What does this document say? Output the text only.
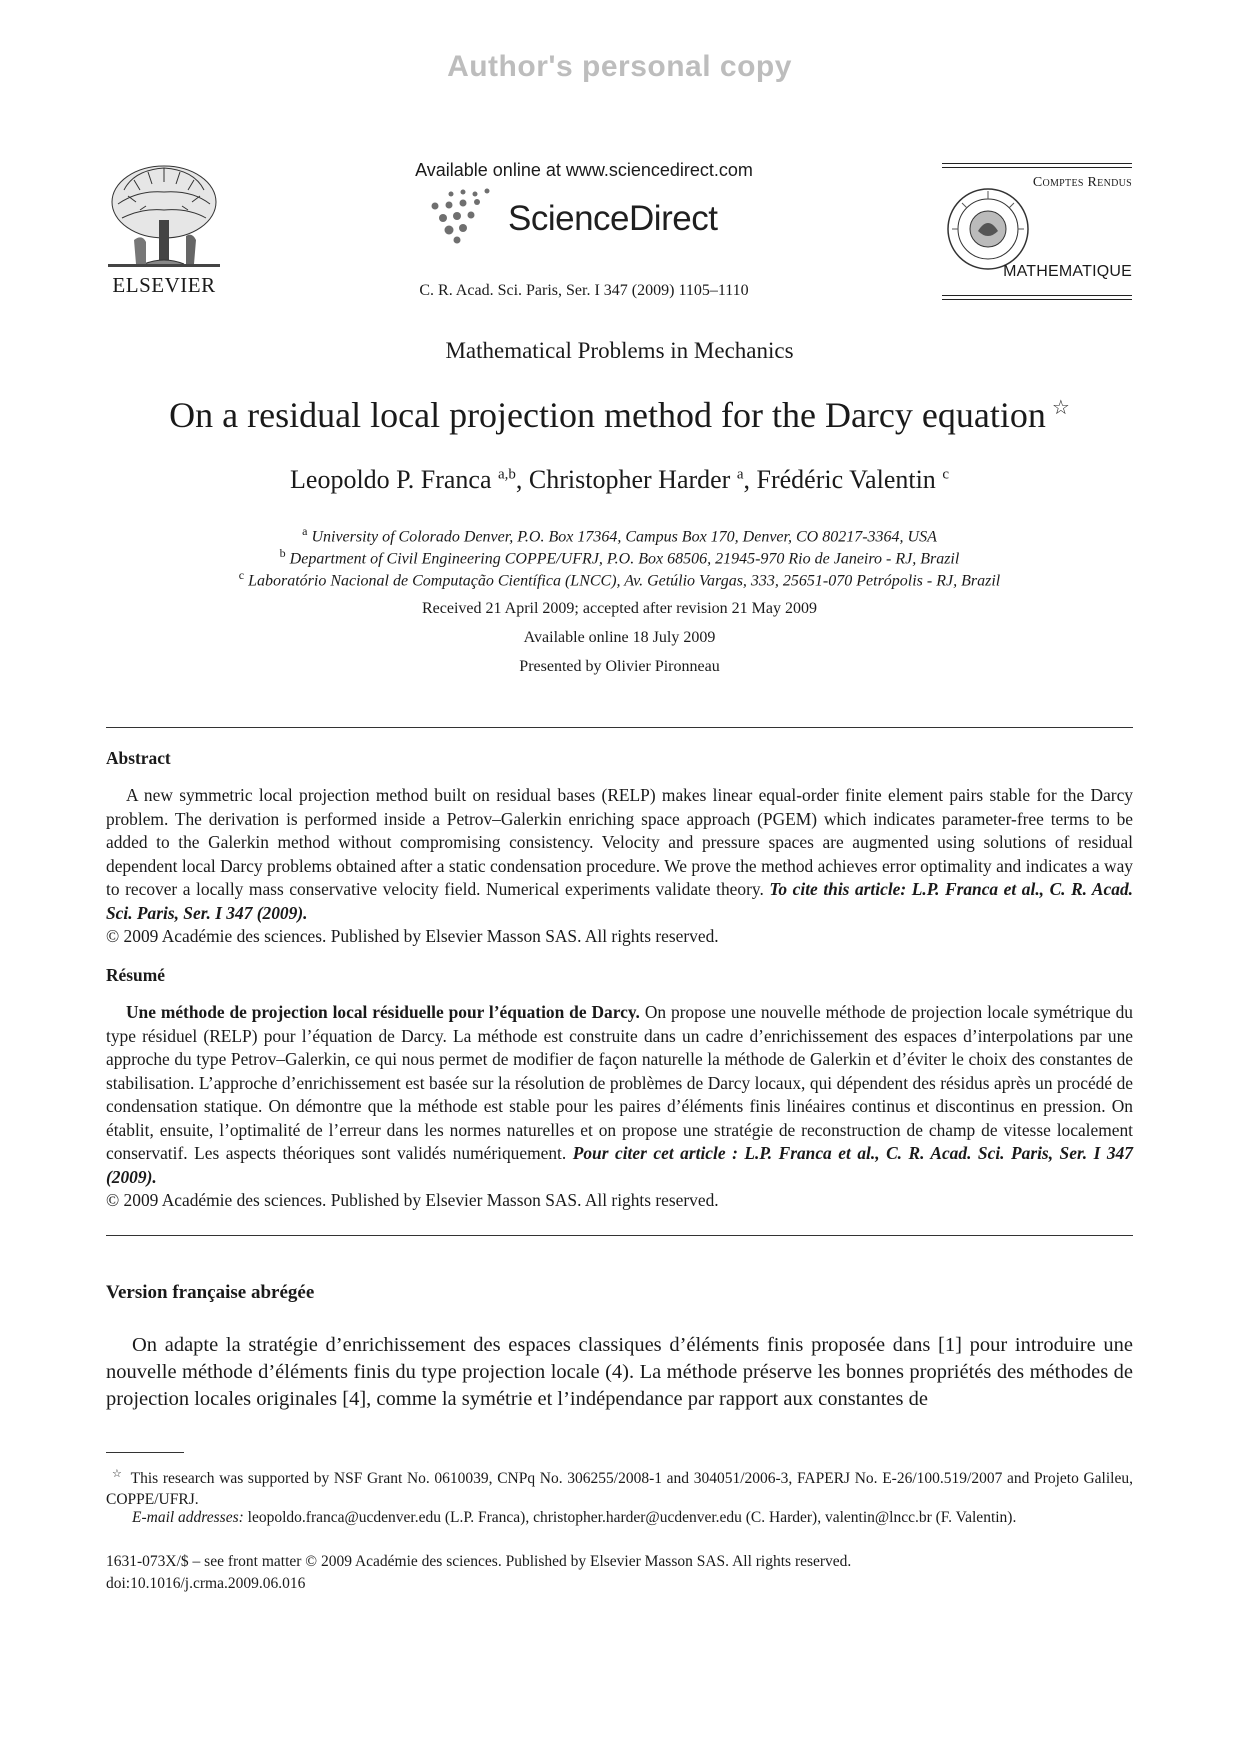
Author's personal copy
ELSEVIER
Available online at www.sciencedirect.com
ScienceDirect
C. R. Acad. Sci. Paris, Ser. I 347 (2009) 1105–1110
Comptes Rendus
MATHEMATIQUE
Mathematical Problems in Mechanics
On a residual local projection method for the Darcy equation ☆
Leopoldo P. Franca $^{a,b}$, Christopher Harder $^a$, Frédéric Valentin $^c$
$^a$ University of Colorado Denver, P.O. Box 17364, Campus Box 170, Denver, CO 80217-3364, USA
$^b$ Department of Civil Engineering COPPE/UFRJ, P.O. Box 68506, 21945-970 Rio de Janeiro - RJ, Brazil
$^c$ Laboratório Nacional de Computação Científica (LNCC), Av. Getúlio Vargas, 333, 25651-070 Petrópolis - RJ, Brazil
Received 21 April 2009; accepted after revision 21 May 2009
Available online 18 July 2009
Presented by Olivier Pironneau
Abstract
A new symmetric local projection method built on residual bases (RELP) makes linear equal-order finite element pairs stable for the Darcy problem. The derivation is performed inside a Petrov–Galerkin enriching space approach (PGEM) which indicates parameter-free terms to be added to the Galerkin method without compromising consistency. Velocity and pressure spaces are augmented using solutions of residual dependent local Darcy problems obtained after a static condensation procedure. We prove the method achieves error optimality and indicates a way to recover a locally mass conservative velocity field. Numerical experiments validate theory. To cite this article: L.P. Franca et al., C. R. Acad. Sci. Paris, Ser. I 347 (2009).
© 2009 Académie des sciences. Published by Elsevier Masson SAS. All rights reserved.
Résumé
Une méthode de projection local résiduelle pour l’équation de Darcy. On propose une nouvelle méthode de projection locale symétrique du type résiduel (RELP) pour l’équation de Darcy. La méthode est construite dans un cadre d’enrichissement des espaces d’interpolations par une approche du type Petrov–Galerkin, ce qui nous permet de modifier de façon naturelle la méthode de Galerkin et d’éviter le choix des constantes de stabilisation. L’approche d’enrichissement est basée sur la résolution de problèmes de Darcy locaux, qui dépendent des résidus après un procédé de condensation statique. On démontre que la méthode est stable pour les paires d’éléments finis linéaires continus et discontinus en pression. On établit, ensuite, l’optimalité de l’erreur dans les normes naturelles et on propose une stratégie de reconstruction de champ de vitesse localement conservatif. Les aspects théoriques sont validés numériquement. Pour citer cet article : L.P. Franca et al., C. R. Acad. Sci. Paris, Ser. I 347 (2009).
© 2009 Académie des sciences. Published by Elsevier Masson SAS. All rights reserved.
Version française abrégée
On adapte la stratégie d’enrichissement des espaces classiques d’éléments finis proposée dans [1] pour introduire une nouvelle méthode d’éléments finis du type projection locale (4). La méthode préserve les bonnes propriétés des méthodes de projection locales originales [4], comme la symétrie et l’indépendance par rapport aux constantes de
☆ This research was supported by NSF Grant No. 0610039, CNPq No. 306255/2008-1 and 304051/2006-3, FAPERJ No. E-26/100.519/2007 and Projeto Galileu, COPPE/UFRJ.
E-mail addresses: leopoldo.franca@ucdenver.edu (L.P. Franca), christopher.harder@ucdenver.edu (C. Harder), valentin@lncc.br (F. Valentin).
1631-073X/$ – see front matter © 2009 Académie des sciences. Published by Elsevier Masson SAS. All rights reserved.
doi:10.1016/j.crma.2009.06.016
